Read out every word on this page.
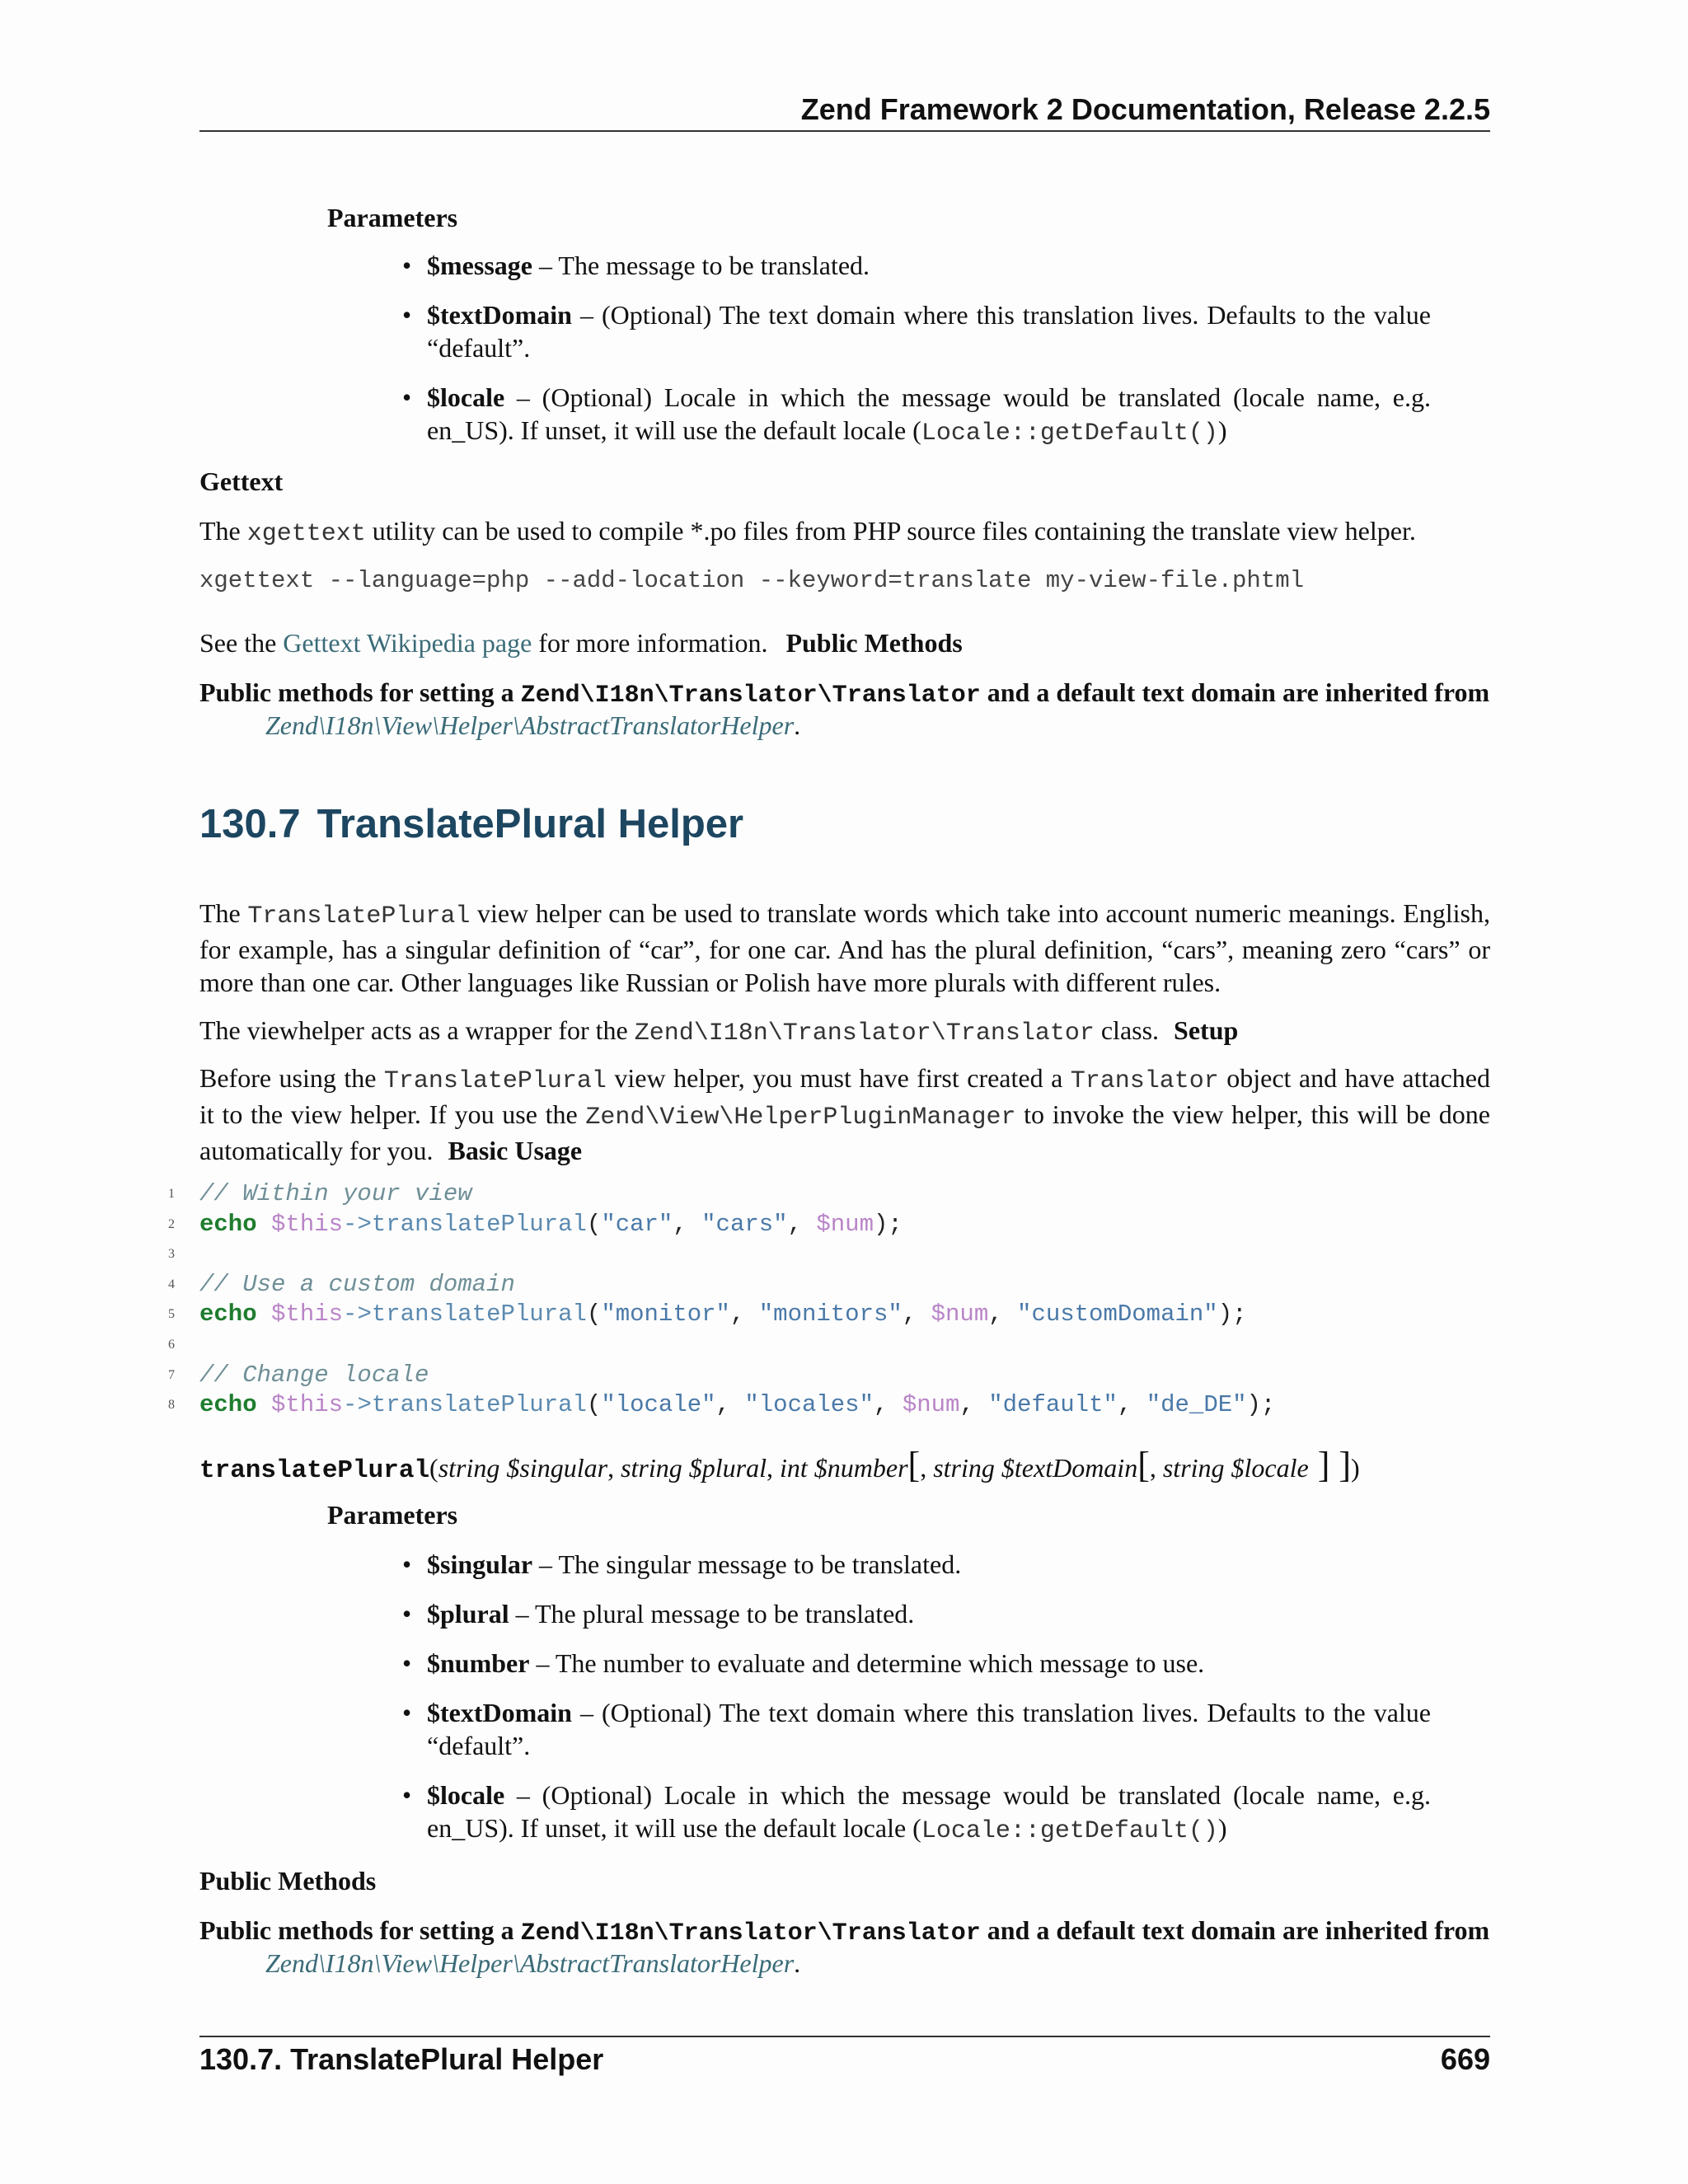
Zend Framework 2 Documentation, Release 2.2.5
Parameters
• $message – The message to be translated.
• $textDomain – (Optional) The text domain where this translation lives. Defaults to the value “default”.
• $locale – (Optional) Locale in which the message would be translated (locale name, e.g. en_US). If unset, it will use the default locale (Locale::getDefault())
Gettext
The xgettext utility can be used to compile *.po files from PHP source files containing the translate view helper.
xgettext --language=php --add-location --keyword=translate my-view-file.phtml
See the Gettext Wikipedia page for more information. Public Methods
Public methods for setting a Zend\I18n\Translator\Translator and a default text domain are inherited from
Zend\I18n\View\Helper\AbstractTranslatorHelper.
130.7 TranslatePlural Helper
The TranslatePlural view helper can be used to translate words which take into account numeric meanings. English, for example, has a singular definition of “car”, for one car. And has the plural definition, “cars”, meaning zero “cars” or more than one car. Other languages like Russian or Polish have more plurals with different rules.
The viewhelper acts as a wrapper for the Zend\I18n\Translator\Translator class. Setup
Before using the TranslatePlural view helper, you must have first created a Translator object and have attached it to the view helper. If you use the Zend\View\HelperPluginManager to invoke the view helper, this will be done automatically for you. Basic Usage
1 // Within your view
2 echo $this->translatePlural("car", "cars", $num);
3
4 // Use a custom domain
5 echo $this->translatePlural("monitor", "monitors", $num, "customDomain");
6
7 // Change locale
8 echo $this->translatePlural("locale", "locales", $num, "default", "de_DE");
translatePlural(string $singular, string $plural, int $number[, string $textDomain[, string $locale ] ])
Parameters
• $singular – The singular message to be translated.
• $plural – The plural message to be translated.
• $number – The number to evaluate and determine which message to use.
• $textDomain – (Optional) The text domain where this translation lives. Defaults to the value “default”.
• $locale – (Optional) Locale in which the message would be translated (locale name, e.g. en_US). If unset, it will use the default locale (Locale::getDefault())
Public Methods
Public methods for setting a Zend\I18n\Translator\Translator and a default text domain are inherited from
Zend\I18n\View\Helper\AbstractTranslatorHelper.
130.7. TranslatePlural Helper	669
